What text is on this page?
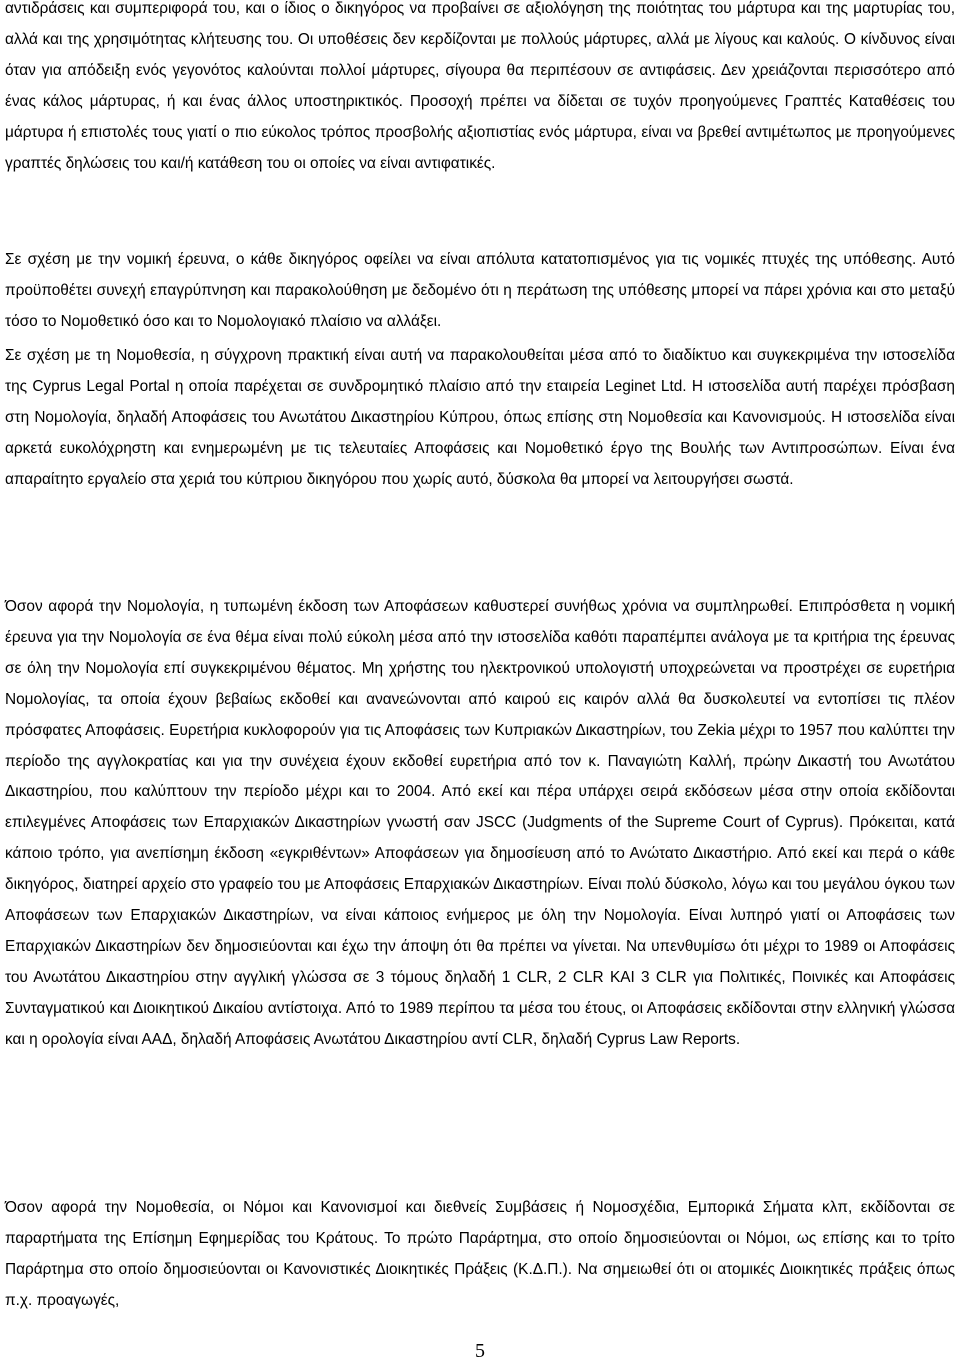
αντιδράσεις και συμπεριφορά του, και ο ίδιος ο δικηγόρος να προβαίνει σε αξιολόγηση της ποιότητας του μάρτυρα και της μαρτυρίας του, αλλά και της χρησιμότητας κλήτευσης του. Οι υποθέσεις δεν κερδίζονται με πολλούς μάρτυρες, αλλά με λίγους και καλούς. Ο κίνδυνος είναι όταν για απόδειξη ενός γεγονότος καλούνται πολλοί μάρτυρες, σίγουρα θα περιπέσουν σε αντιφάσεις. Δεν χρειάζονται περισσότερο από ένας κάλος μάρτυρας, ή και ένας άλλος υποστηρικτικός. Προσοχή πρέπει να δίδεται σε τυχόν προηγούμενες Γραπτές Καταθέσεις του μάρτυρα ή επιστολές τους γιατί ο πιο εύκολος τρόπος προσβολής αξιοπιστίας ενός μάρτυρα, είναι να βρεθεί αντιμέτωπος με προηγούμενες γραπτές δηλώσεις του και/ή κατάθεση του οι οποίες να είναι αντιφατικές.

Σε σχέση με την νομική έρευνα, ο κάθε δικηγόρος οφείλει να είναι απόλυτα κατατοπισμένος για τις νομικές πτυχές της υπόθεσης. Αυτό προϋποθέτει συνεχή επαγρύπνηση και παρακολούθηση με δεδομένο ότι η περάτωση της υπόθεσης μπορεί να πάρει χρόνια και στο μεταξύ τόσο το Νομοθετικό όσο και το Νομολογιακό πλαίσιο να αλλάξει.

Σε σχέση με τη Νομοθεσία, η σύγχρονη πρακτική είναι αυτή να παρακολουθείται μέσα από το διαδίκτυο και συγκεκριμένα την ιστοσελίδα της Cyprus Legal Portal η οποία παρέχεται σε συνδρομητικό πλαίσιο από την εταιρεία Leginet Ltd. Η ιστοσελίδα αυτή παρέχει πρόσβαση στη Νομολογία, δηλαδή Αποφάσεις του Ανωτάτου Δικαστηρίου Κύπρου, όπως επίσης στη Νομοθεσία και Κανονισμούς. Η ιστοσελίδα είναι αρκετά ευκολόχρηστη και ενημερωμένη με τις τελευταίες Αποφάσεις και Νομοθετικό έργο της Βουλής των Αντιπροσώπων. Είναι ένα απαραίτητο εργαλείο στα χεριά του κύπριου δικηγόρου που χωρίς αυτό, δύσκολα θα μπορεί να λειτουργήσει σωστά.

Όσον αφορά την Νομολογία, η τυπωμένη έκδοση των Αποφάσεων καθυστερεί συνήθως χρόνια να συμπληρωθεί. Επιπρόσθετα η νομική έρευνα για την Νομολογία σε ένα θέμα είναι πολύ εύκολη μέσα από την ιστοσελίδα καθότι παραπέμπει ανάλογα με τα κριτήρια της έρευνας σε όλη την Νομολογία επί συγκεκριμένου θέματος. Μη χρήστης του ηλεκτρονικού υπολογιστή υποχρεώνεται να προστρέχει σε ευρετήρια Νομολογίας, τα οποία έχουν βεβαίως εκδοθεί και ανανεώνονται από καιρού εις καιρόν αλλά θα δυσκολευτεί να εντοπίσει τις πλέον πρόσφατες Αποφάσεις. Ευρετήρια κυκλοφορούν για τις Αποφάσεις των Κυπριακών Δικαστηρίων, του Zekia μέχρι το 1957 που καλύπτει την περίοδο της αγγλοκρατίας και για την συνέχεια έχουν εκδοθεί ευρετήρια από τον κ. Παναγιώτη Καλλή, πρώην Δικαστή του Ανωτάτου Δικαστηρίου, που καλύπτουν την περίοδο μέχρι και το 2004. Από εκεί και πέρα υπάρχει σειρά εκδόσεων μέσα στην οποία εκδίδονται επιλεγμένες Αποφάσεις των Επαρχιακών Δικαστηρίων γνωστή σαν JSCC (Judgments of the Supreme Court of Cyprus). Πρόκειται, κατά κάποιο τρόπο, για ανεπίσημη έκδοση «εγκριθέντων» Αποφάσεων για δημοσίευση από το Ανώτατο Δικαστήριο. Από εκεί και περά ο κάθε δικηγόρος, διατηρεί αρχείο στο γραφείο του με Αποφάσεις Επαρχιακών Δικαστηρίων. Είναι πολύ δύσκολο, λόγω και του μεγάλου όγκου των Αποφάσεων των Επαρχιακών Δικαστηρίων, να είναι κάποιος ενήμερος με όλη την Νομολογία. Είναι λυπηρό γιατί οι Αποφάσεις των Επαρχιακών Δικαστηρίων δεν δημοσιεύονται και έχω την άποψη ότι θα πρέπει να γίνεται. Να υπενθυμίσω ότι μέχρι το 1989 οι Αποφάσεις του Ανωτάτου Δικαστηρίου στην αγγλική γλώσσα σε 3 τόμους δηλαδή 1 CLR, 2 CLR KAI 3 CLR για Πολιτικές, Ποινικές και Αποφάσεις Συνταγματικού και Διοικητικού Δικαίου αντίστοιχα. Από το 1989 περίπου τα μέσα του έτους, οι Αποφάσεις εκδίδονται στην ελληνική γλώσσα και η ορολογία είναι ΑΑΔ, δηλαδή Αποφάσεις Ανωτάτου Δικαστηρίου αντί CLR, δηλαδή Cyprus Law Reports.

Όσον αφορά την Νομοθεσία, οι Νόμοι και Κανονισμοί και διεθνείς Συμβάσεις ή Νομοσχέδια, Εμπορικά Σήματα κλπ, εκδίδονται σε παραρτήματα της Επίσημη Εφημερίδας του Κράτους. Το πρώτο Παράρτημα, στο οποίο δημοσιεύονται οι Νόμοι, ως επίσης και το τρίτο Παράρτημα στο οποίο δημοσιεύονται οι Κανονιστικές Διοικητικές Πράξεις (Κ.Δ.Π.). Να σημειωθεί ότι οι ατομικές Διοικητικές πράξεις όπως π.χ. προαγωγές,

5
